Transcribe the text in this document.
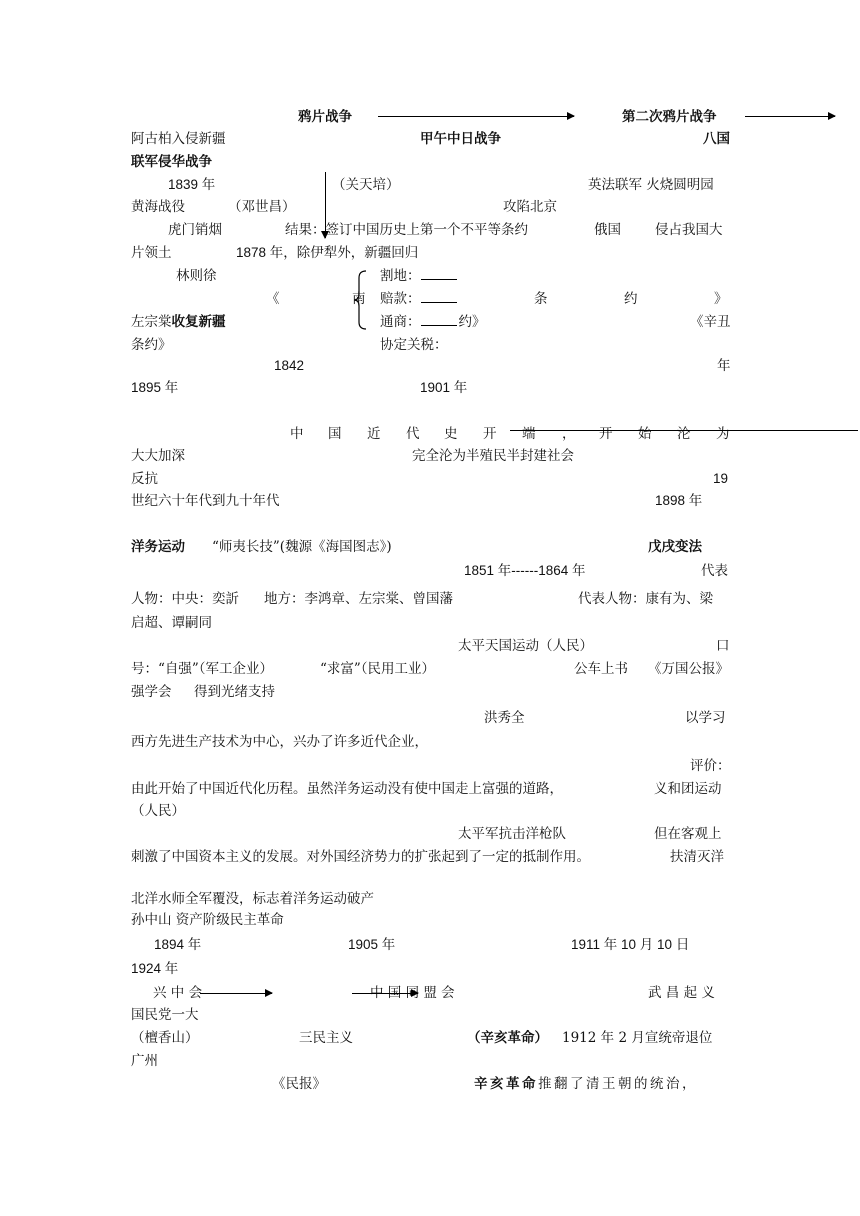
鸦片战争	第二次鸦片战争
阿古柏入侵新疆	甲午中日战争	八国
联军侵华战争
1839 年	（关天培）	英法联军 火烧圆明园
黄海战役	（邓世昌）	攻陷北京
虎门销烟	结果：签订中国历史上第一个不平等条约	俄国	侵占我国大
片领土	1878 年，除伊犁外，新疆回归
林则徐	割地：
《	南 赔款：	条	约	》
左宗棠收复新疆	通商：	约》	《辛丑
条约》	协定关税：
1842	年
1895 年	1901 年
中 国 近 代 史 开 端 ， 开 始 沦 为
大大加深	完全沦为半殖民半封建社会
反抗	19
世纪六十年代到九十年代	1898 年
洋务运动 “师夷长技”(魏源《海国图志》)	戊戌变法
1851 年------1864 年	代表
人物：中央：奕訢 地方：李鸿章、左宗棠、曾国藩	代表人物：康有为、梁
启超、谭嗣同
太平天国运动（人民）	口
号：“自强”（军工企业）	“求富”（民用工业）	公车上书 《万国公报》
强学会 得到光绪支持
洪秀全	以学习
西方先进生产技术为中心，兴办了许多近代企业，
评价：
由此开始了中国近代化历程。虽然洋务运动没有使中国走上富强的道路，	义和团运动
（人民）
太平军抗击洋枪队	但在客观上
刺激了中国资本主义的发展。对外国经济势力的扩张起到了一定的抵制作用。	扶清灭洋
北洋水师全军覆没，标志着洋务运动破产
孙中山 资产阶级民主革命
1894 年	1905 年	1911 年 10 月 10 日
1924 年
兴 中 会	中 国 同 盟 会	武 昌 起 义
国民党一大
（檀香山）	三民主义	（辛亥革命） 1912 年 2 月宣统帝退位
广州
《民报》	辛亥革命推翻了清王朝的统治，
